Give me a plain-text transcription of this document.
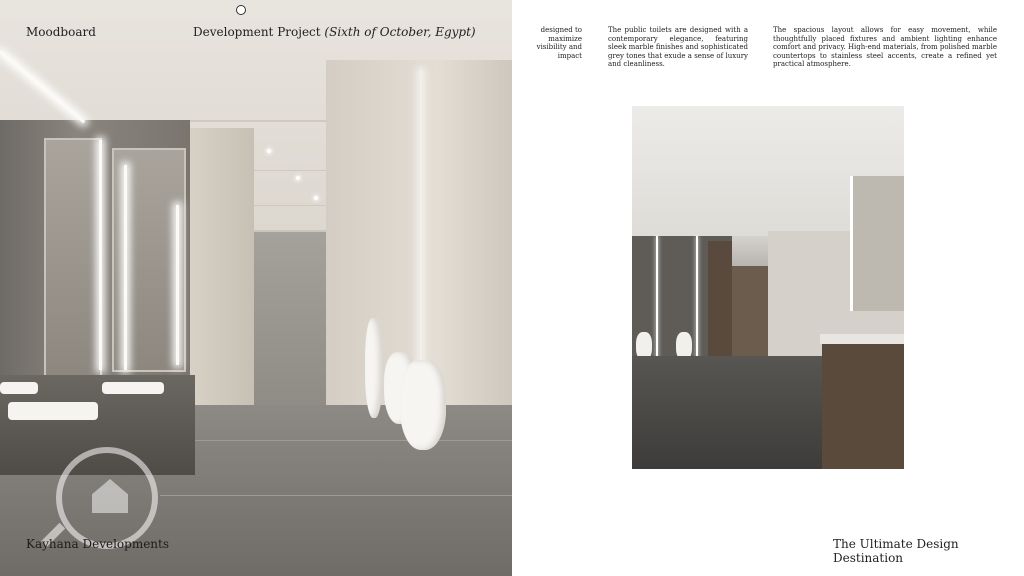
Moodboard	Development Project (Sixth of October, Egypt)
Kayhana Developments
designed to maximize visibility and impact
The public toilets are designed with a contemporary elegance, featuring sleek marble finishes and sophisticated grey tones that exude a sense of luxury and cleanliness.
The spacious layout allows for easy movement, while thoughtfully placed fixtures and ambient lighting enhance comfort and privacy. High-end materials, from polished marble countertops to stainless steel accents, create a refined yet practical atmosphere.
The Ultimate Design Destination
